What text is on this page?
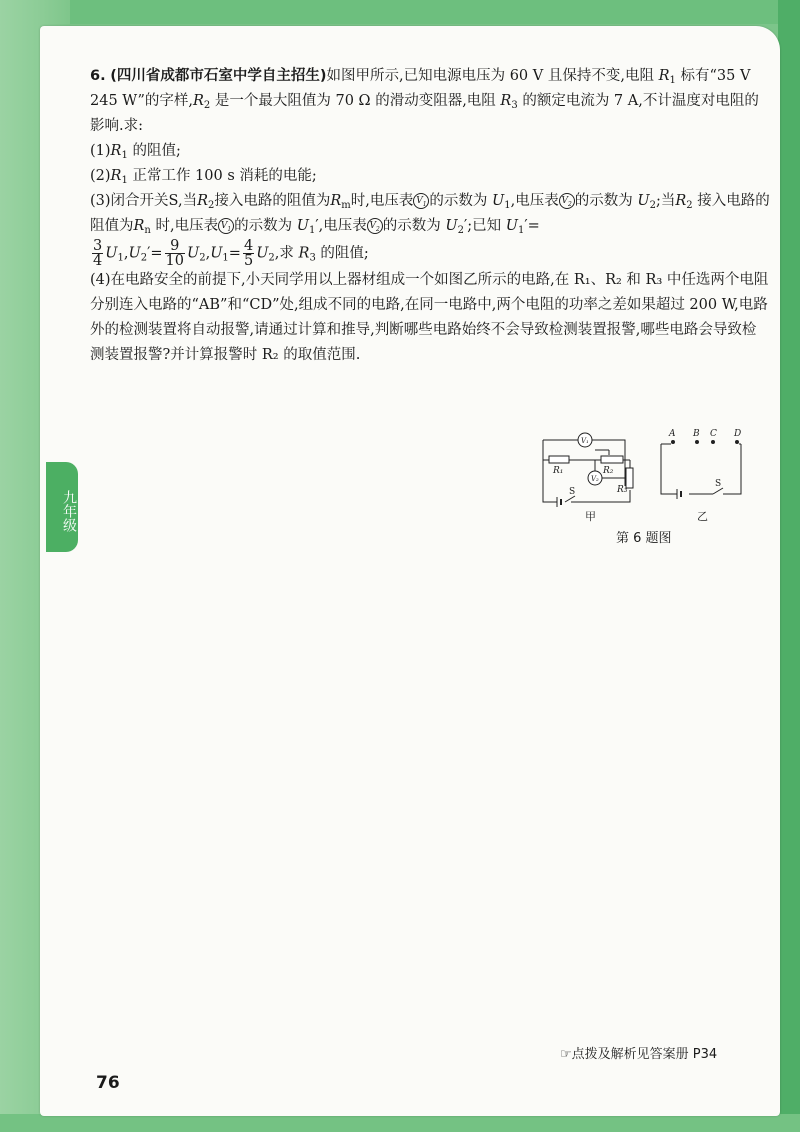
九年级

6. (四川省成都市石室中学自主招生)如图甲所示,已知电源电压为 60 V 且保持不变,电阻 $R_1$ 标有“35 V　245 W”的字样$,R_2$ 是一个最大阻值为 70 Ω 的滑动变阻器,电阻 $R_3$ 的额定电流为 7 A,不计温度对电阻的影响.求:

$(1)R_1$ 的阻值;

$(2)R_1$ 正常工作 100 s 消耗的电能;

(3)闭合开关S,当$R_2$接入电路的阻值为$R_m$时,电压表 $V_1$ 的示数为 $U_1$,电压表 $V_2$ 的示数为 $U_2$;当$R_2$ 接入电路的阻值为$R_n$ 时,电压表 $V_1$ 的示数为 $U_1'$,电压表 $V_2$ 的示数为 $U_2'$;已知 $U_1'=$

$\frac{3}{4} U_1,U_2'= \frac{9}{10} U_2,U_1= \frac{4}{5} U_2$,求 $R_3$ 的阻值;

(4)在电路安全的前提下,小天同学用以上器材组成一个如图乙所示的电路,在 R₁、R₂ 和 R₃ 中任选两个电阻分别连入电路的“AB”和“CD”处,组成不同的电路,在同一电路中,两个电阻的功率之差如果超过 200 W,电路外的检测装置将自动报警,请通过计算和推导,判断哪些电路始终不会导致检测装置报警,哪些电路会导致检测装置报警?并计算报警时 R₂ 的取值范围.

V₁
V₂
R₁	R₂
R₃
S
甲
A B C D
S
乙
第 6 题图
☞点拨及解析见答案册 P34
76
